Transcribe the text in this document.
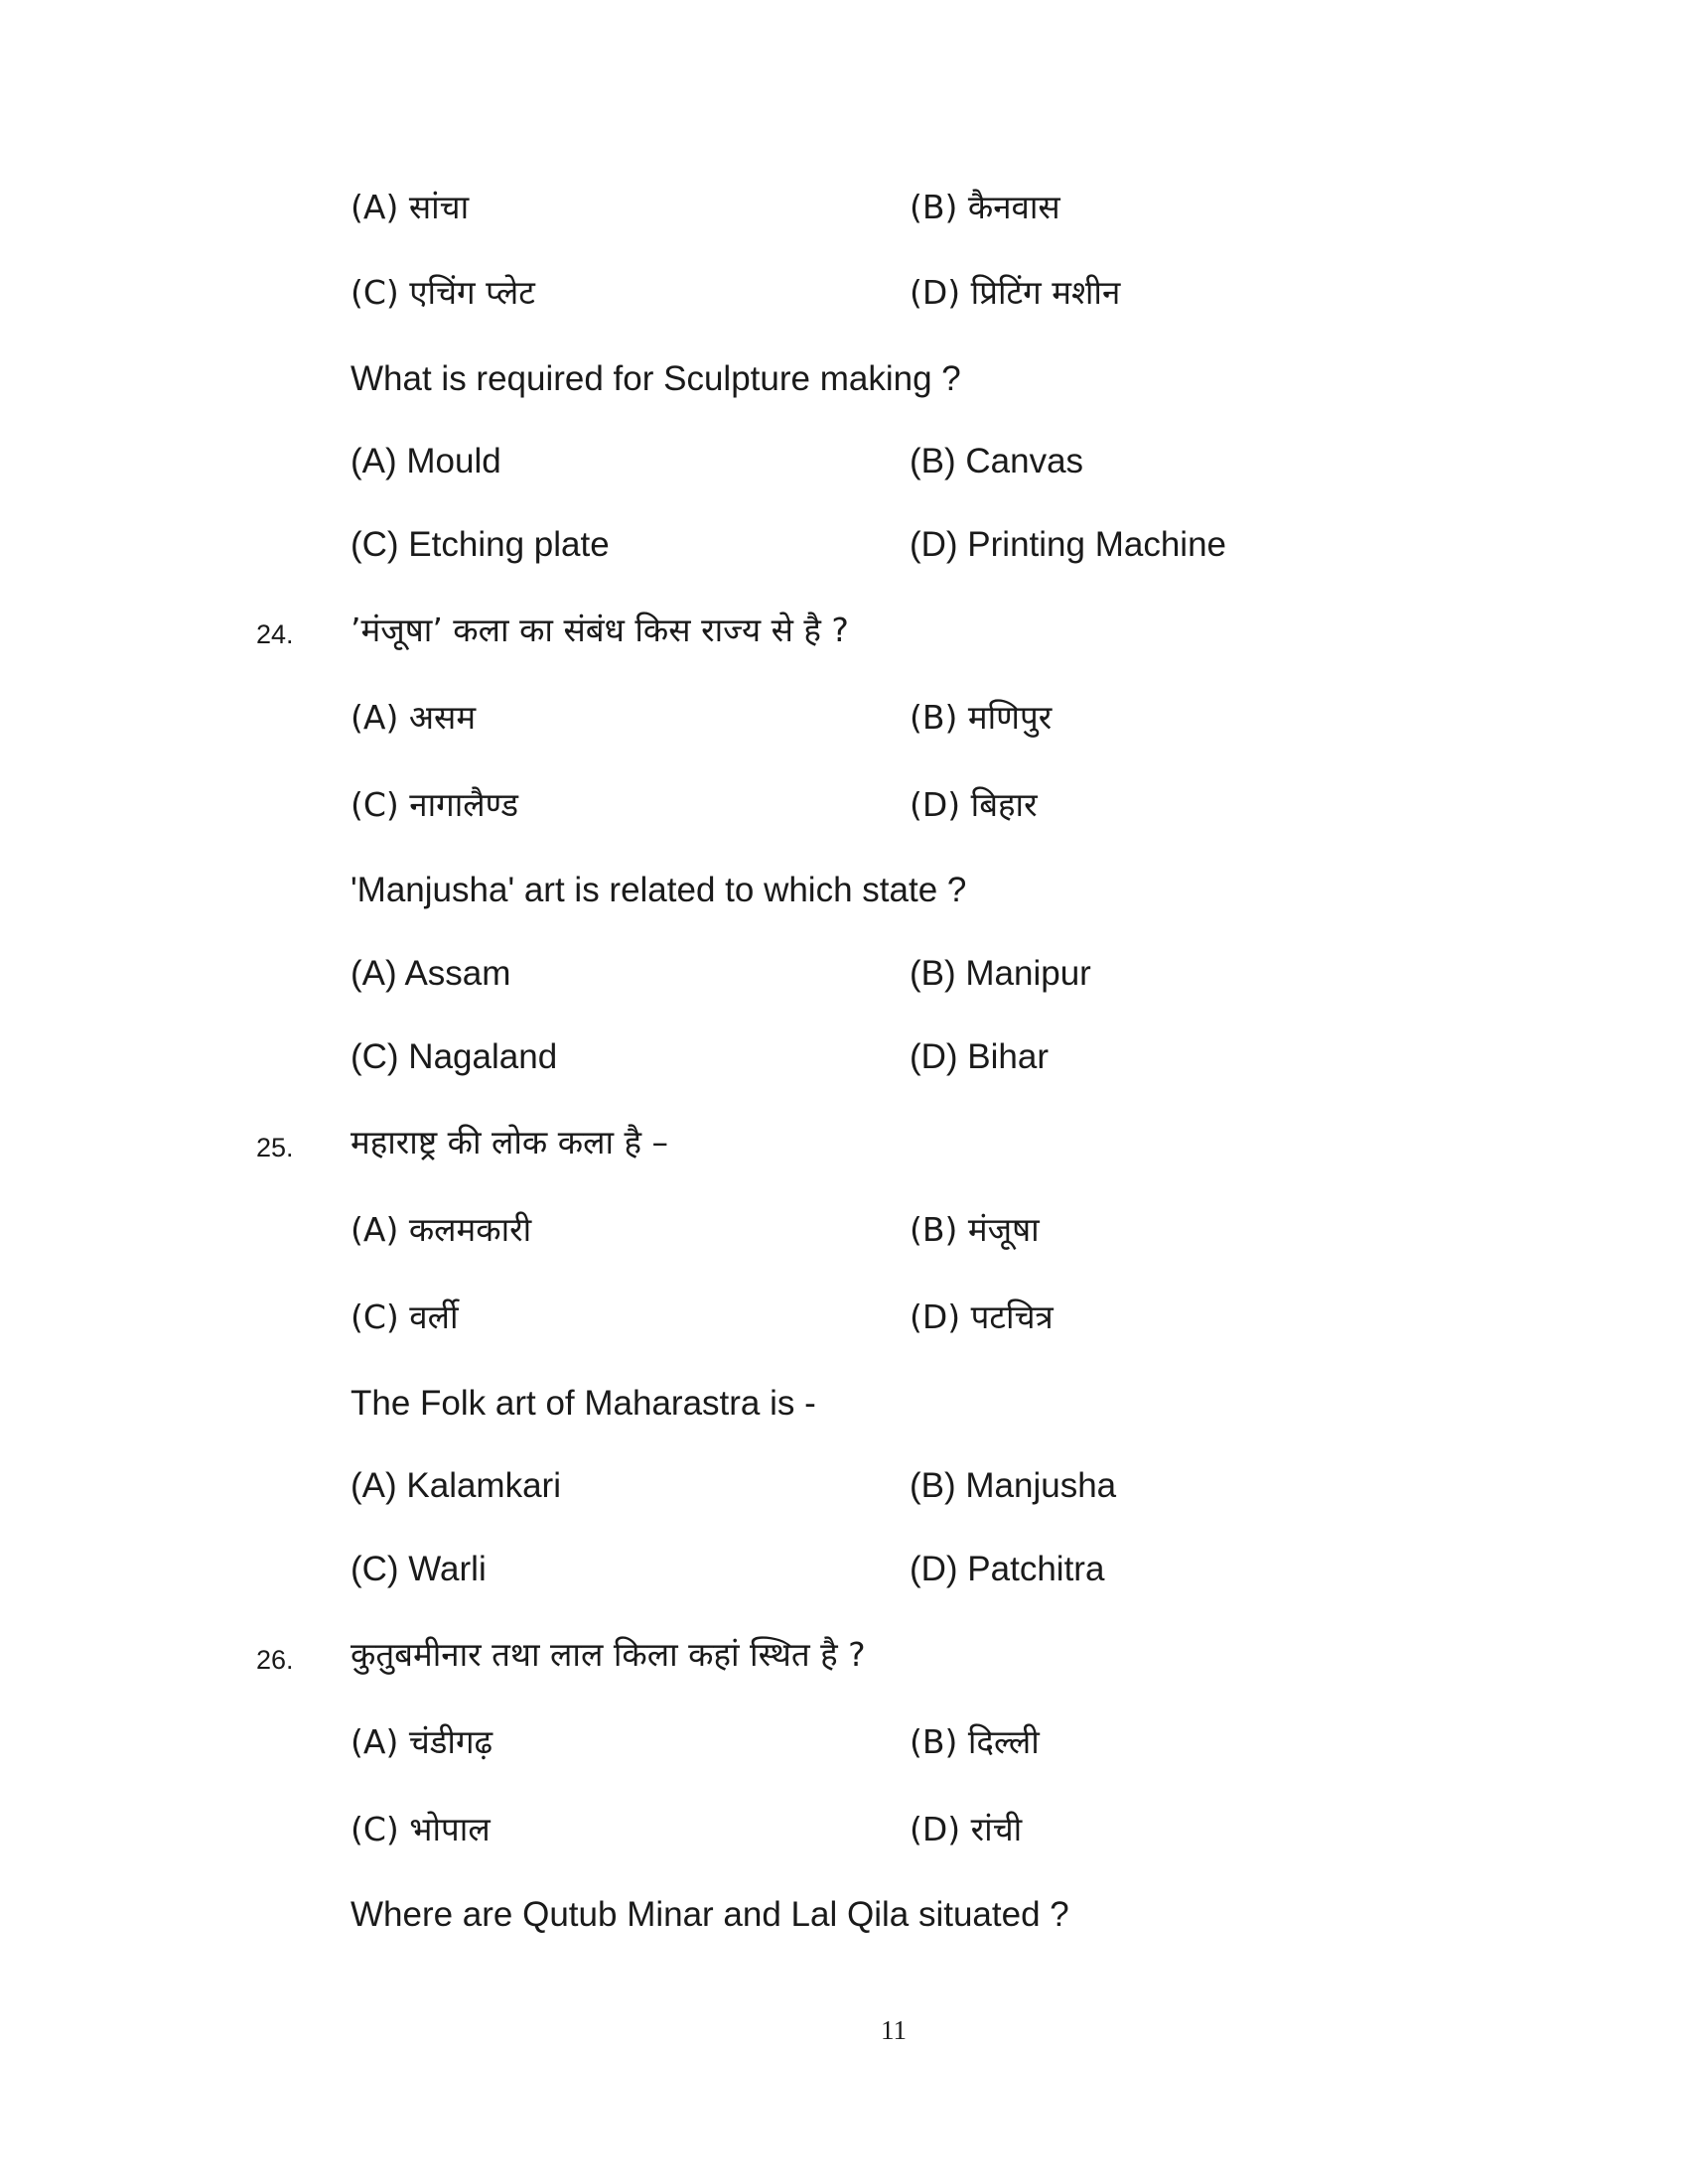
(A) सांचा	(B) कैनवास
(C) एचिंग प्लेट	(D) प्रिटिंग मशीन
What is required for Sculpture making ?
(A) Mould	(B) Canvas
(C) Etching plate	(D) Printing Machine
24. ’मंजूषा’ कला का संबंध किस राज्य से है ?
(A) असम	(B) मणिपुर
(C) नागालैण्ड	(D) बिहार
'Manjusha' art is related to which state ?
(A) Assam	(B) Manipur
(C) Nagaland	(D) Bihar
25. महाराष्ट्र की लोक कला है –
(A) कलमकारी	(B) मंजूषा
(C) वर्ली	(D) पटचित्र
The Folk art of Maharastra is -
(A) Kalamkari	(B) Manjusha
(C) Warli	(D) Patchitra
26. कुतुबमीनार तथा लाल किला कहां स्थित है ?
(A) चंडीगढ़	(B) दिल्ली
(C) भोपाल	(D) रांची
Where are Qutub Minar and Lal Qila situated ?
11
